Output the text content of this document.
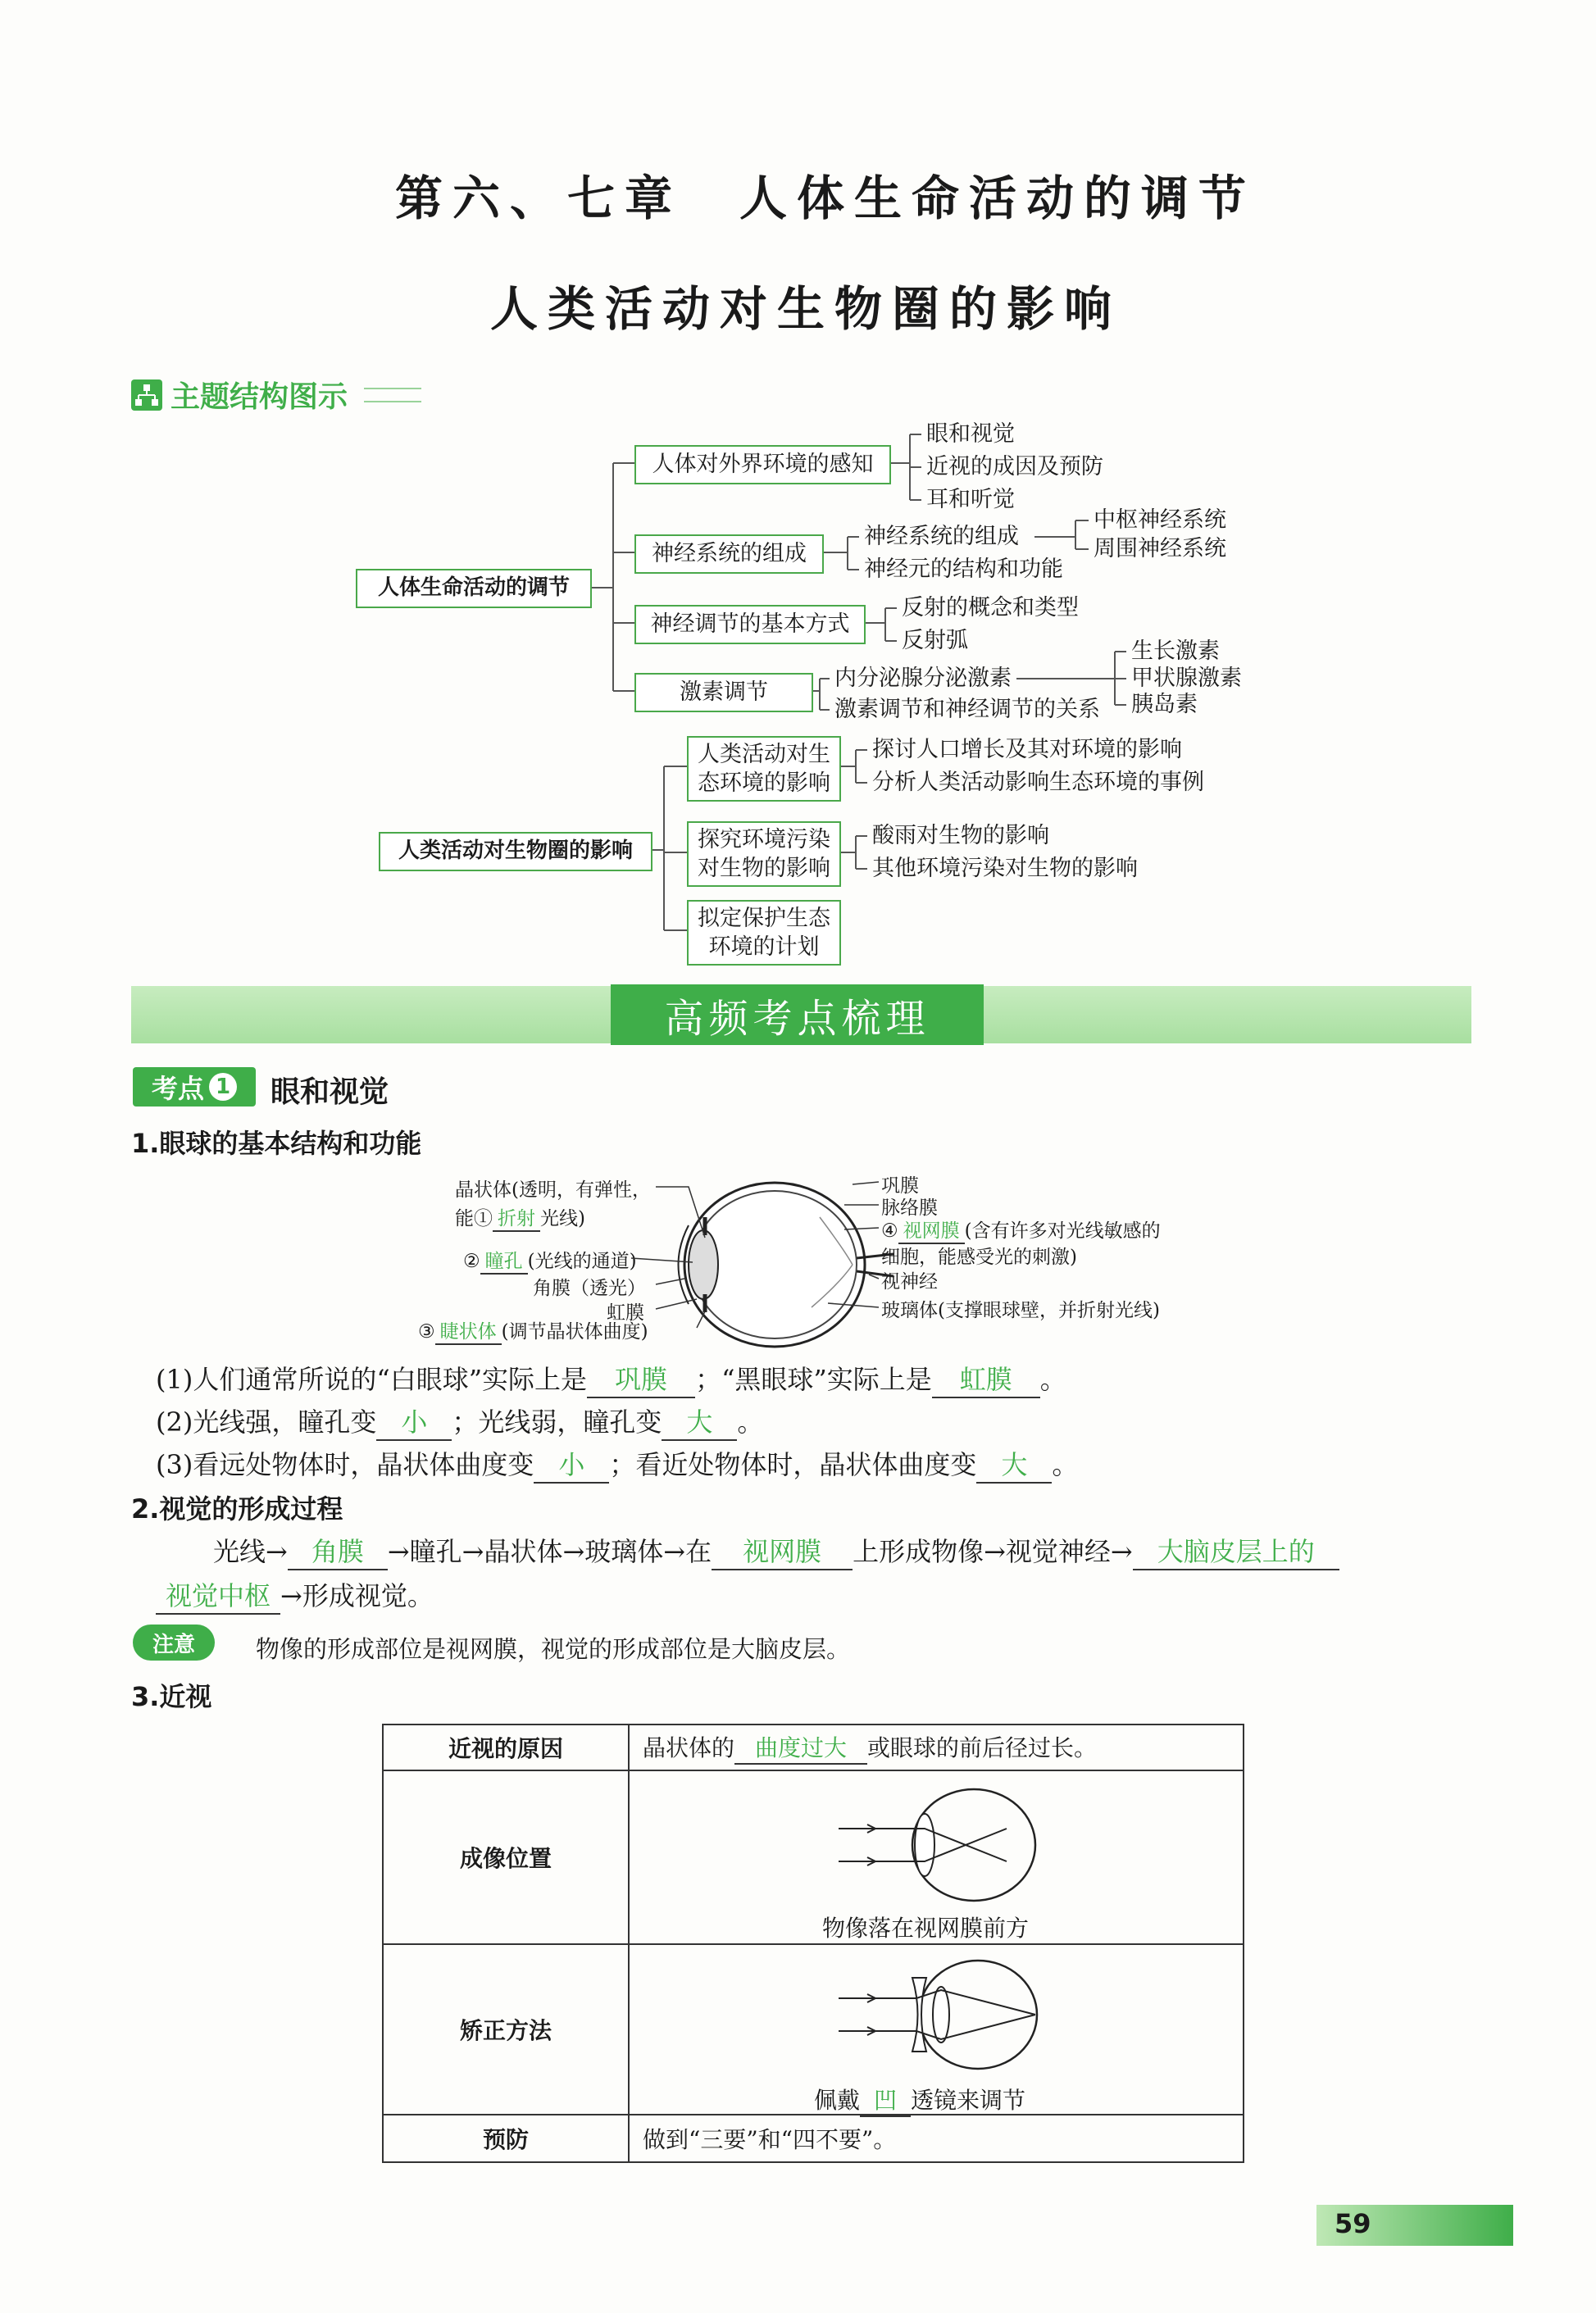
第六、七章　人体生命活动的调节
人类活动对生物圈的影响
主题结构图示
人体生命活动的调节
人体对外界环境的感知
神经系统的组成
神经调节的基本方式
激素调节
人类活动对生物圈的影响
人类活动对生
态环境的影响
探究环境污染
对生物的影响
拟定保护生态
环境的计划
眼和视觉
近视的成因及预防
耳和听觉
神经系统的组成
神经元的结构和功能
中枢神经系统
周围神经系统
反射的概念和类型
反射弧
内分泌腺分泌激素
激素调节和神经调节的关系
生长激素
甲状腺激素
胰岛素
探讨人口增长及其对环境的影响
分析人类活动影响生态环境的事例
酸雨对生物的影响
其他环境污染对生物的影响
高频考点梳理
考点 1 眼和视觉
1.眼球的基本结构和功能
晶状体(透明，有弹性，
能① 折射 光线)
② 瞳孔 (光线的通道)
角膜（透光）
虹膜
③ 睫状体 (调节晶状体曲度)
巩膜
脉络膜
④ 视网膜 (含有许多对光线敏感的
细胞，能感受光的刺激)
视神经
玻璃体(支撑眼球壁，并折射光线)
(1)人们通常所说的“白眼球”实际上是 巩膜 ；“黑眼球”实际上是 虹膜 。
(2)光线强，瞳孔变 小 ；光线弱，瞳孔变 大 。
(3)看远处物体时，晶状体曲度变 小 ；看近处物体时，晶状体曲度变 大 。
2.视觉的形成过程
光线→ 角膜 →瞳孔→晶状体→玻璃体→在 视网膜 上形成物像→视觉神经→ 大脑皮层上的
视觉中枢 →形成视觉。
注意	物像的形成部位是视网膜，视觉的形成部位是大脑皮层。
3.近视
近视的原因	晶状体的 曲度过大 或眼球的前后径过长。
成像位置	物像落在视网膜前方

矫正方法	佩戴 凹 透镜来调节

预防	做到“三要”和“四不要”。
59
